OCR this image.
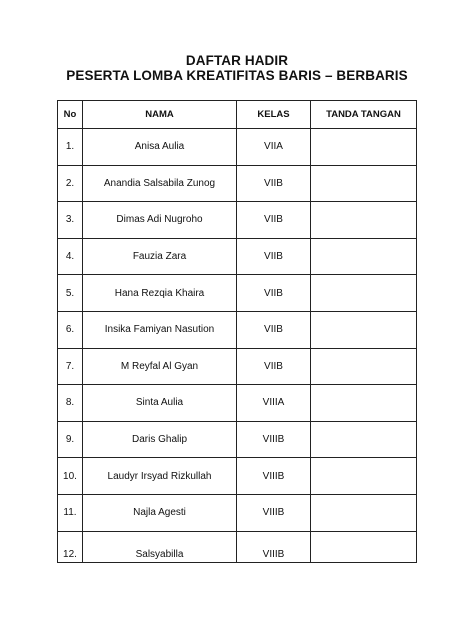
DAFTAR HADIR
PESERTA LOMBA KREATIFITAS BARIS – BERBARIS
No	NAMA	KELAS	TANDA TANGAN
1.	Anisa Aulia	VIIA	
2.	Anandia Salsabila Zunog	VIIB	
3.	Dimas Adi Nugroho	VIIB	
4.	Fauzia Zara	VIIB	
5.	Hana Rezqia Khaira	VIIB	
6.	Insika Famiyan Nasution	VIIB	
7.	M Reyfal Al Gyan	VIIB	
8.	Sinta Aulia	VIIIA	
9.	Daris Ghalip	VIIIB	
10.	Laudyr Irsyad Rizkullah	VIIIB	
11.	Najla Agesti	VIIIB	
12.	Salsyabilla	VIIIB	
